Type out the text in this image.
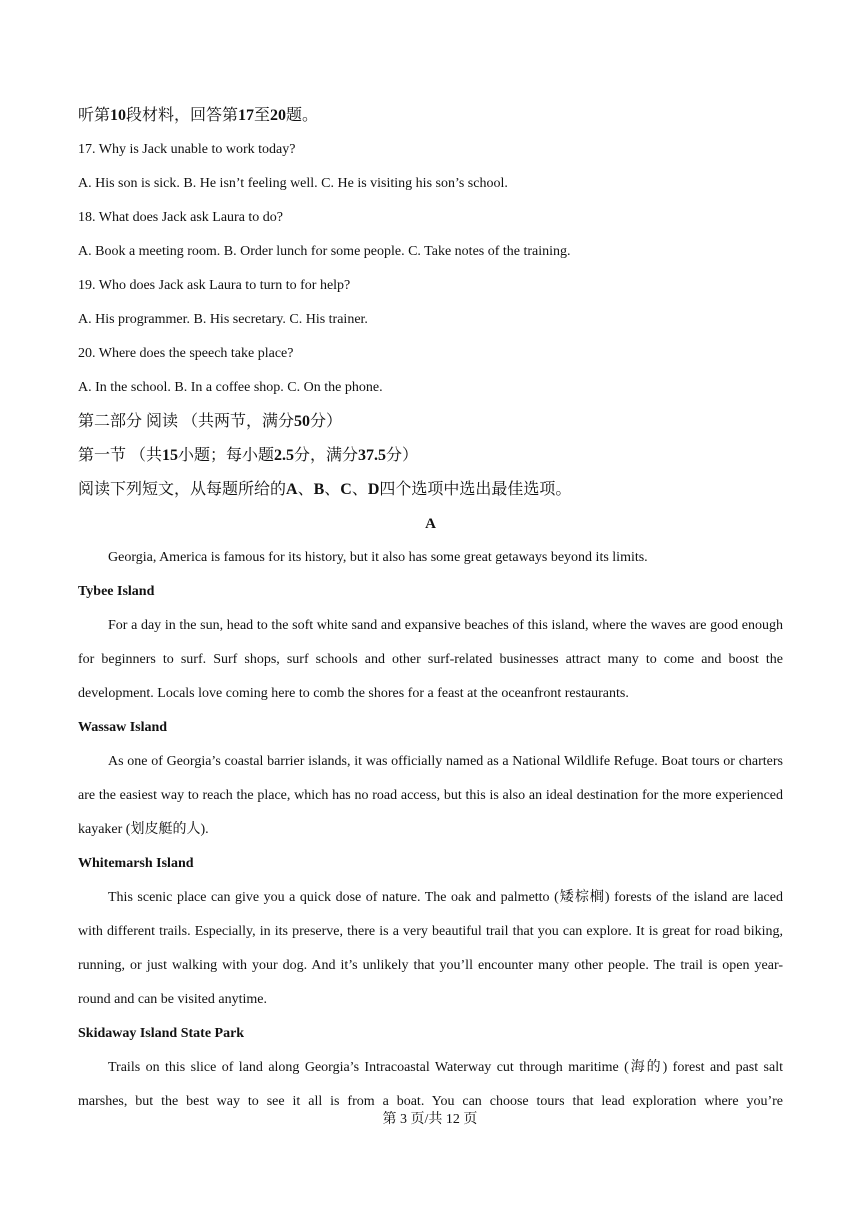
听第10段材料，回答第17至20题。
17. Why is Jack unable to work today?
A. His son is sick. B. He isn’t feeling well. C. He is visiting his son’s school.
18. What does Jack ask Laura to do?
A. Book a meeting room. B. Order lunch for some people. C. Take notes of the training.
19. Who does Jack ask Laura to turn to for help?
A. His programmer. B. His secretary. C. His trainer.
20. Where does the speech take place?
A. In the school. B. In a coffee shop. C. On the phone.
第二部分 阅读 （共两节，满分50分）
第一节 （共15小题；每小题2.5分，满分37.5分）
阅读下列短文，从每题所给的A、B、C、D四个选项中选出最佳选项。
A
Georgia, America is famous for its history, but it also has some great getaways beyond its limits.
Tybee Island
For a day in the sun, head to the soft white sand and expansive beaches of this island, where the waves are good enough for beginners to surf. Surf shops, surf schools and other surf-related businesses attract many to come and boost the development. Locals love coming here to comb the shores for a feast at the oceanfront restaurants.
Wassaw Island
As one of Georgia’s coastal barrier islands, it was officially named as a National Wildlife Refuge. Boat tours or charters are the easiest way to reach the place, which has no road access, but this is also an ideal destination for the more experienced kayaker (划皮艇的人).
Whitemarsh Island
This scenic place can give you a quick dose of nature. The oak and palmetto (矮棕榈) forests of the island are laced with different trails. Especially, in its preserve, there is a very beautiful trail that you can explore. It is great for road biking, running, or just walking with your dog. And it’s unlikely that you’ll encounter many other people. The trail is open year-round and can be visited anytime.
Skidaway Island State Park
Trails on this slice of land along Georgia’s Intracoastal Waterway cut through maritime (海的) forest and past salt marshes, but the best way to see it all is from a boat. You can choose tours that lead exploration where you’re
第 3 页/共 12 页
